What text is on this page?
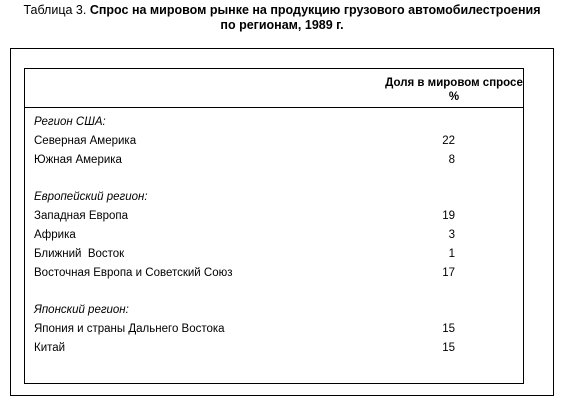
Таблица 3. Спрос на мировом рынке на продукцию грузового автомобилестроения
по регионам, 1989 г.
Доля в мировом спросе
%
Регион США:
Северная Америка	22
Южная Америка	8
Европейский регион:
Западная Европа	19
Африка	3
Ближний  Восток	1
Восточная Европа и Советский Союз	17
Японский регион:
Япония и страны Дальнего Востока	15
Китай	15
